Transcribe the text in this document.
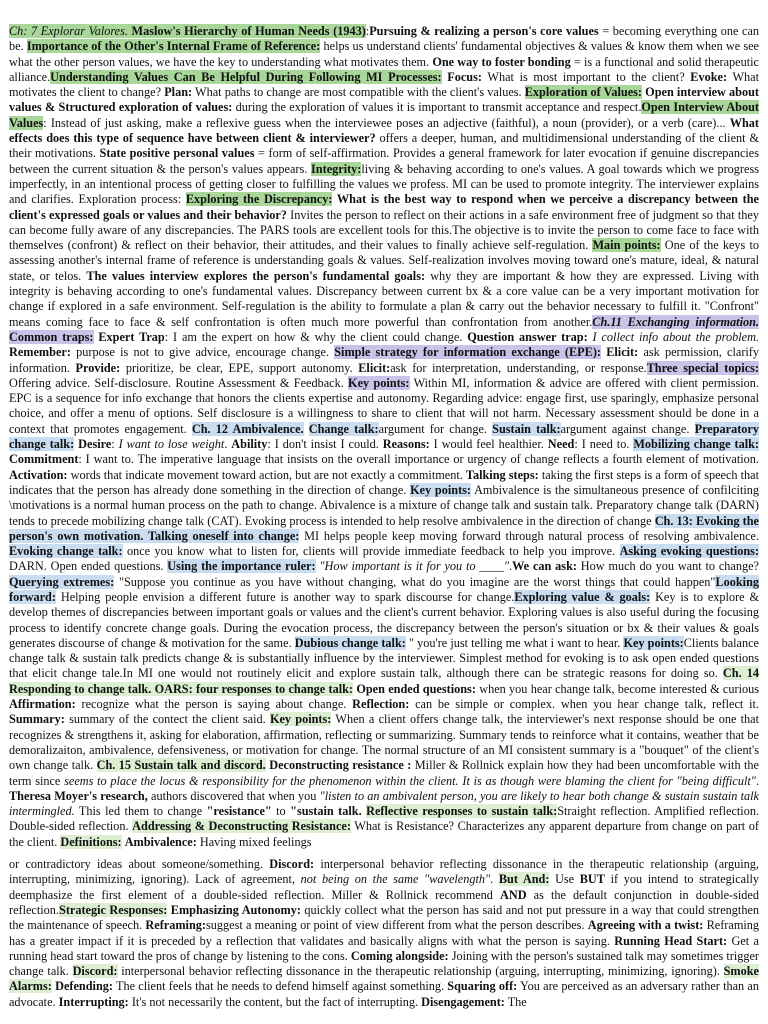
Ch: 7 Explorar Valores. Maslow's Hierarchy of Human Needs (1943):Pursuing & realizing a person's core values = becoming everything one can be. Importance of the Other's Internal Frame of Reference: helps us understand clients' fundamental objectives & values & know them when we see what the other person values, we have the key to understanding what motivates them. One way to foster bonding = is a functional and solid therapeutic alliance.Understanding Values Can Be Helpful During Following MI Processes: Focus: What is most important to the client? Evoke: What motivates the client to change? Plan: What paths to change are most compatible with the client's values. Exploration of Values: Open interview about values & Structured exploration of values: during the exploration of values it is important to transmit acceptance and respect.Open Interview About Values: Instead of just asking, make a reflexive guess when the interviewee poses an adjective (faithful), a noun (provider), or a verb (care)... What effects does this type of sequence have between client & interviewer? offers a deeper, human, and multidimensional understanding of the client & their motivations. State positive personal values = form of self-affirmation. Provides a general framework for later evocation if genuine discrepancies between the current situation & the person's values appears. Integrity:living & behaving according to one's values. A goal towards which we progress imperfectly, in an intentional process of getting closer to fulfilling the values we profess. MI can be used to promote integrity. The interviewer explains and clarifies. Exploration process: Exploring the Discrepancy: What is the best way to respond when we perceive a discrepancy between the client's expressed goals or values and their behavior? Invites the person to reflect on their actions in a safe environment free of judgment so that they can become fully aware of any discrepancies. The PARS tools are excellent tools for this.The objective is to invite the person to come face to face with themselves (confront) & reflect on their behavior, their attitudes, and their values to finally achieve self-regulation. Main points: One of the keys to assessing another's internal frame of reference is understanding goals & values. Self-realization involves moving toward one's mature, ideal, & natural state, or telos. The values interview explores the person's fundamental goals: why they are important & how they are expressed. Living with integrity is behaving according to one's fundamental values. Discrepancy between current bx & a core value can be a very important motivation for change if explored in a safe environment. Self-regulation is the ability to formulate a plan & carry out the behavior necessary to fulfill it. "Confront" means coming face to face & self confrontation is often much more powerful than confrontation from another.Ch.11 Exchanging information. Common traps: Expert Trap: I am the expert on how & why the client could change. Question answer trap: I collect info about the problem. Remember: purpose is not to give advice, encourage change. Simple strategy for information exchange (EPE): Elicit: ask permission, clarify information. Provide: prioritize, be clear, EPE, support autonomy. Elicit:ask for interpretation, understanding, or response.Three special topics: Offering advice. Self-disclosure. Routine Assessment & Feedback. Key points: Within MI, information & advice are offered with client permission. EPC is a sequence for info exchange that honors the clients expertise and autonomy. Regarding advice: engage first, use sparingly, emphasize personal choice, and offer a menu of options. Self disclosure is a willingness to share to client that will not harm. Necessary assessment should be done in a context that promotes engagement. Ch. 12 Ambivalence. Change talk:argument for change. Sustain talk:argument against change. Preparatory change talk: Desire: I want to lose weight. Ability: I don't insist I could. Reasons: I would feel healthier. Need: I need to. Mobilizing change talk: Commitment: I want to. The imperative language that insists on the overall importance or urgency of change reflects a fourth element of motivation. Activation: words that indicate movement toward action, but are not exactly a commitment. Talking steps: taking the first steps is a form of speech that indicates that the person has already done something in the direction of change. Key points: Ambivalence is the simultaneous presence of confilciting \motivations is a normal human process on the path to change. Abivalence is a mixture of change talk and sustain talk. Preparatory change talk (DARN) tends to precede mobilizing change talk (CAT). Evoking process is intended to help resolve ambivalence in the direction of change Ch. 13: Evoking the person's own motivation. Talking oneself into change: MI helps people keep moving forward through natural process of resolving ambivalence. Evoking change talk: once you know what to listen for, clients will provide immediate feedback to help you improve. Asking evoking questions: DARN. Open ended questions. Using the importance ruler: "How important is it for you to ____".We can ask: How much do you want to change? Querying extremes: "Suppose you continue as you have without changing, what do you imagine are the worst things that could happen"Looking forward: Helping people envision a different future is another way to spark discourse for change.Exploring value & goals: Key is to explore & develop themes of discrepancies between important goals or values and the client's current behavior. Exploring values is also useful during the focusing process to identify concrete change goals. During the evocation process, the discrepancy between the person's situation or bx & their values & goals generates discourse of change & motivation for the same. Dubious change talk: " you're just telling me what i want to hear. Key points:Clients balance change talk & sustain talk predicts change & is substantially influence by the interviewer. Simplest method for evoking is to ask open ended questions that elicit change tale.In MI one would not routinely elicit and explore sustain talk, although there can be strategic reasons for doing so. Ch. 14 Responding to change talk. OARS: four responses to change talk: Open ended questions: when you hear change talk, become interested & curious Affirmation: recognize what the person is saying about change. Reflection: can be simple or complex. when you hear change talk, reflect it. Summary: summary of the contect the client said. Key points: When a client offers change talk, the interviewer's next response should be one that recognizes & strengthens it, asking for elaboration, affirmation, reflecting or summarizing. Summary tends to reinforce what it contains, weather that be demoralizaiton, ambivalence, defensiveness, or motivation for change. The normal structure of an MI consistent summary is a "bouquet" of the client's own change talk. Ch. 15 Sustain talk and discord. Deconstructing resistance : Miller & Rollnick explain how they had been uncomfortable with the term since seems to place the locus & responsibility for the phenomenon within the client. It is as though were blaming the client for "being difficult". Theresa Moyer's research, authors discovered that when you "listen to an ambivalent person, you are likely to hear both change & sustain sustain talk intermingled. This led them to change "resistance" to "sustain talk. Reflective responses to sustain talk:Straight reflection. Amplified reflection. Double-sided reflection. Addressing & Deconstructing Resistance: What is Resistance? Characterizes any apparent departure from change on part of the client. Definitions: Ambivalence: Having mixed feelings

or contradictory ideas about someone/something. Discord: interpersonal behavior reflecting dissonance in the therapeutic relationship (arguing, interrupting, minimizing, ignoring). Lack of agreement, not being on the same "wavelength". But And: Use BUT if you intend to strategically deemphasize the first element of a double-sided reflection. Miller & Rollnick recommend AND as the default conjunction in double-sided reflection.Strategic Responses: Emphasizing Autonomy: quickly collect what the person has said and not put pressure in a way that could strengthen the maintenance of speech. Reframing:suggest a meaning or point of view different from what the person describes. Agreeing with a twist: Reframing has a greater impact if it is preceded by a reflection that validates and basically aligns with what the person is saying. Running Head Start: Get a running head start toward the pros of change by listening to the cons. Coming alongside: Joining with the person's sustained talk may sometimes trigger change talk. Discord: interpersonal behavior reflecting dissonance in the therapeutic relationship (arguing, interrupting, minimizing, ignoring). Smoke Alarms: Defending: The client feels that he needs to defend himself against something. Squaring off: You are perceived as an adversary rather than an advocate. Interrupting: It's not necessarily the content, but the fact of interrupting. Disengagement: The
